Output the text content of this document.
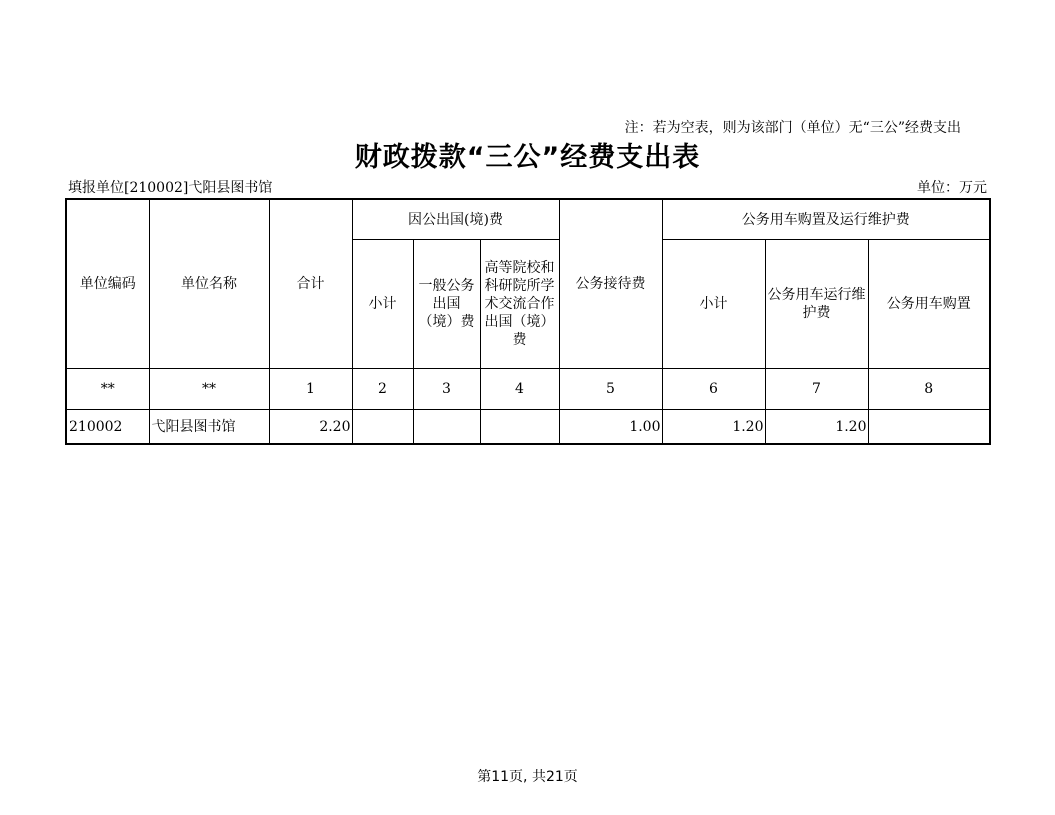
注：若为空表，则为该部门（单位）无“三公”经费支出
财政拨款“三公”经费支出表
填报单位[210002]弋阳县图书馆	单位：万元
单位编码	单位名称	合计	因公出国(境)费			公务接待费	公务用车购置及运行维护费		
			小计	一般公务出国（境）费	高等院校和科研院所学术交流合作出国（境）费		小计	公务用车运行维护费	公务用车购置
**	**	1	2	3	4	5	6	7	8
210002	弋阳县图书馆	2.20				1.00	1.20	1.20	
第11页, 共21页
